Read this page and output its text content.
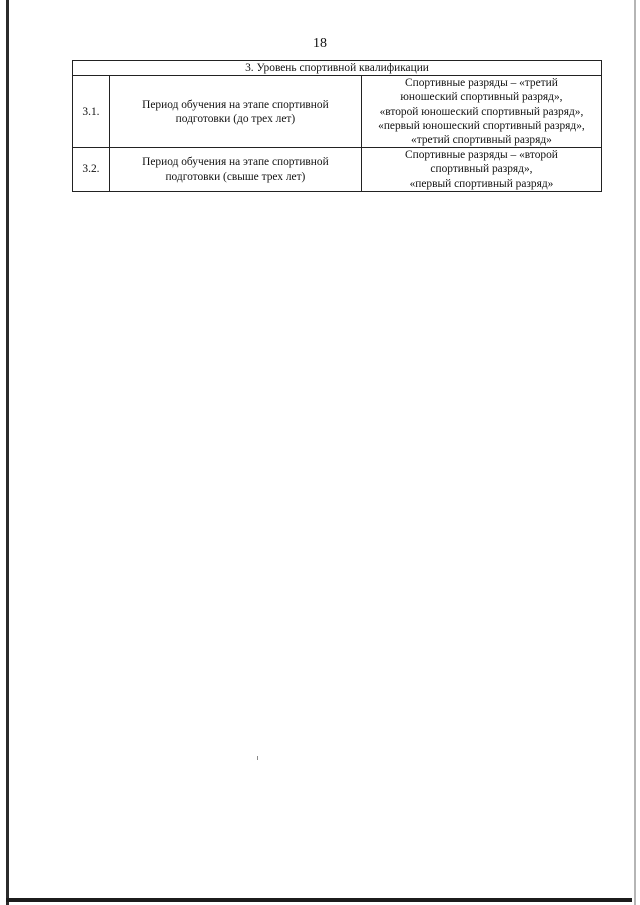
18
3. Уровень спортивной квалификации		
3.1.	Период обучения на этапе спортивной
подготовки (до трех лет)	Спортивные разряды – «третий
юношеский спортивный разряд»,
«второй юношеский спортивный разряд»,
«первый юношеский спортивный разряд»,
«третий спортивный разряд»

3.2.	Период обучения на этапе спортивной
подготовки (свыше трех лет)	Спортивные разряды – «второй
спортивный разряд»,
«первый спортивный разряд»
